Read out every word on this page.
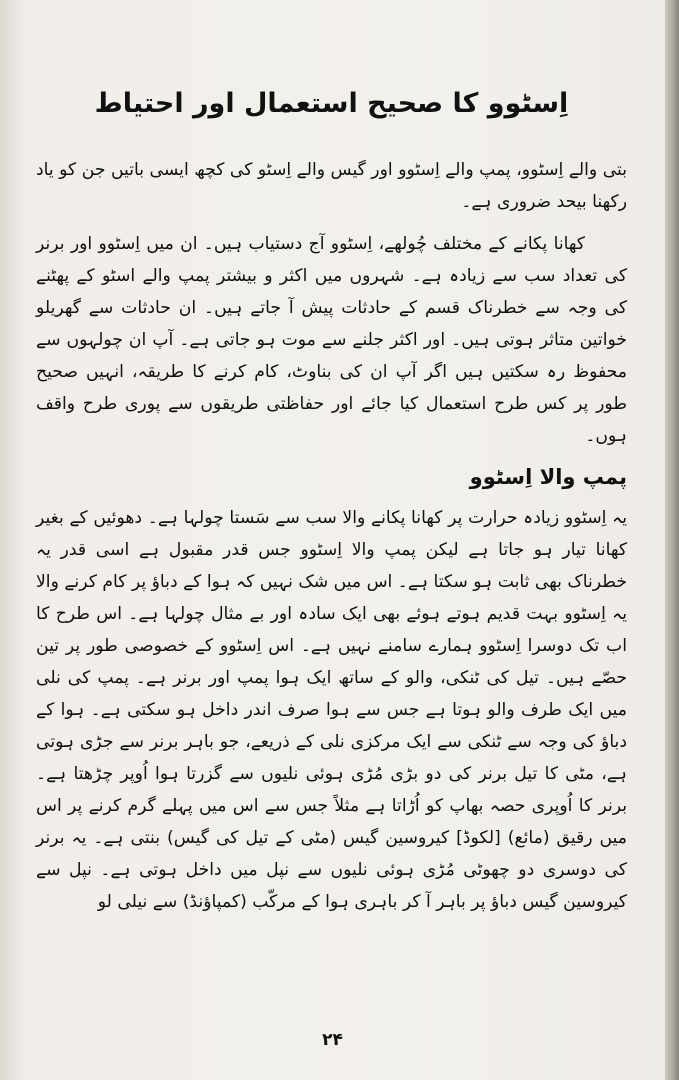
اِسٹوو کا صحیح استعمال اور احتیاط

بتی والے اِسٹوو، پمپ والے اِسٹوو اور گیس والے اِسٹو کی کچھ ایسی باتیں جن کو یاد رکھنا بیحد ضروری ہے۔

کھانا پکانے کے مختلف چُولھے، اِسٹوو آج دستیاب ہیں۔ ان میں اِسٹوو اور برنر کی تعداد سب سے زیادہ ہے۔ شہروں میں اکثر و بیشتر پمپ والے اسٹو کے پھٹنے کی وجہ سے خطرناک قسم کے حادثات پیش آ جاتے ہیں۔ ان حادثات سے گھریلو خواتین متاثر ہوتی ہیں۔ اور اکثر جلنے سے موت ہو جاتی ہے۔ آپ ان چولہوں سے محفوظ رہ سکتیں ہیں اگر آپ ان کی بناوٹ، کام کرنے کا طریقہ، انہیں صحیح طور پر کس طرح استعمال کیا جائے اور حفاظتی طریقوں سے پوری طرح واقف ہوں۔

پمپ والا اِسٹوو

یہ اِسٹوو زیادہ حرارت پر کھانا پکانے والا سب سے سَستا چولہا ہے۔ دھوئیں کے بغیر کھانا تیار ہو جاتا ہے لیکن پمپ والا اِسٹوو جس قدر مقبول ہے اسی قدر یہ خطرناک بھی ثابت ہو سکتا ہے۔ اس میں شک نہیں کہ ہوا کے دباؤ پر کام کرنے والا یہ اِسٹوو بہت قدیم ہوتے ہوئے بھی ایک سادہ اور بے مثال چولہا ہے۔ اس طرح کا اب تک دوسرا اِسٹوو ہمارے سامنے نہیں ہے۔ اس اِسٹوو کے خصوصی طور پر تین حصّے ہیں۔ تیل کی ٹنکی، والو کے ساتھ ایک ہوا پمپ اور برنر ہے۔ پمپ کی نلی میں ایک طرف والو ہوتا ہے جس سے ہوا صرف اندر داخل ہو سکتی ہے۔ ہوا کے دباؤ کی وجہ سے ٹنکی سے ایک مرکزی نلی کے ذریعے، جو باہر برنر سے جڑی ہوتی ہے، مٹی کا تیل برنر کی دو بڑی مُڑی ہوئی نلیوں سے گزرتا ہوا اُوپر چڑھتا ہے۔ برنر کا اُوپری حصہ بھاپ کو اُڑاتا ہے مثلاً جس سے اس میں پہلے گرم کرنے پر اس میں رقیق (مائع) [لکوڈ] کیروسین گیس (مٹی کے تیل کی گیس) بنتی ہے۔ یہ برنر کی دوسری دو چھوٹی مُڑی ہوئی نلیوں سے نپل میں داخل ہوتی ہے۔ نپل سے کیروسین گیس دباؤ پر باہر آ کر باہری ہوا کے مرکّب (کمپاؤنڈ) سے نیلی لو

۲۴
